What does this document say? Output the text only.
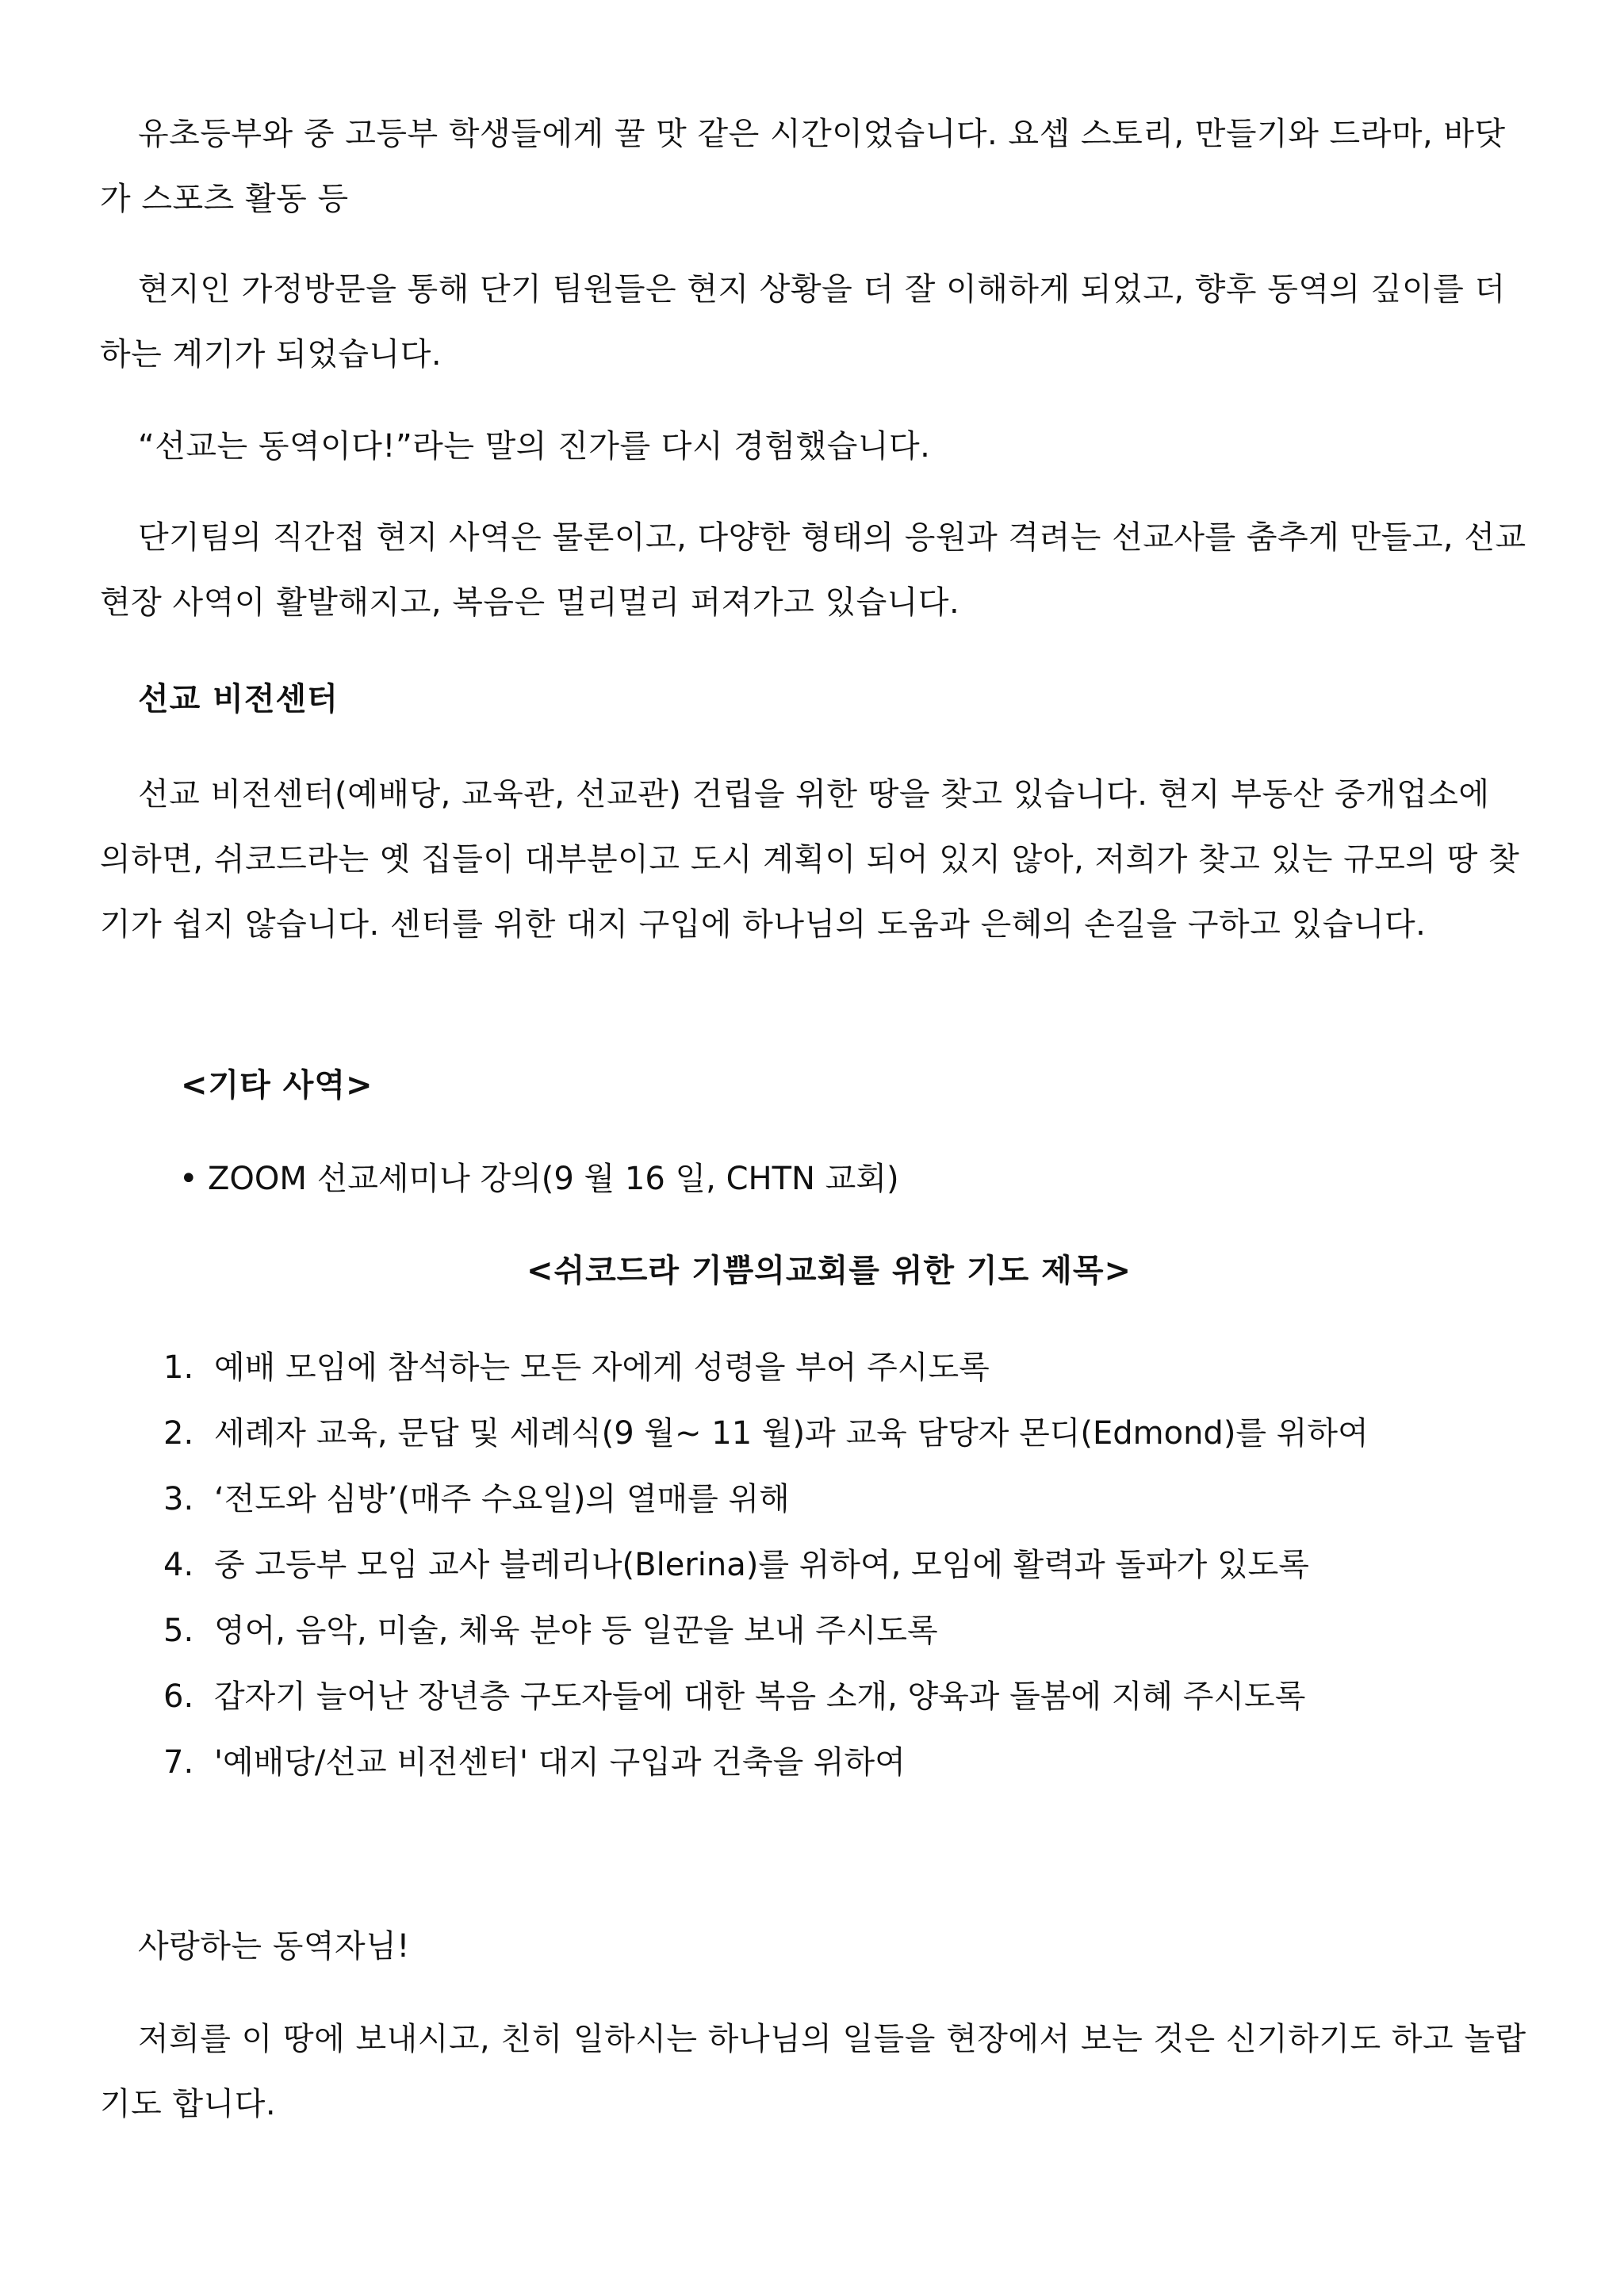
유초등부와 중 고등부 학생들에게 꿀 맛 같은 시간이었습니다. 요셉 스토리, 만들기와 드라마, 바닷가 스포츠 활동 등

현지인 가정방문을 통해 단기 팀원들은 현지 상황을 더 잘 이해하게 되었고, 향후 동역의 깊이를 더하는 계기가 되었습니다.

“선교는 동역이다!”라는 말의 진가를 다시 경험했습니다.

단기팀의 직간접 현지 사역은 물론이고, 다양한 형태의 응원과 격려는 선교사를 춤추게 만들고, 선교 현장 사역이 활발해지고, 복음은 멀리멀리 퍼져가고 있습니다.

선교 비전센터

선교 비전센터(예배당, 교육관, 선교관) 건립을 위한 땅을 찾고 있습니다. 현지 부동산 중개업소에 의하면, 쉬코드라는 옛 집들이 대부분이고 도시 계획이 되어 있지 않아, 저희가 찾고 있는 규모의 땅 찾기가 쉽지 않습니다. 센터를 위한 대지 구입에 하나님의 도움과 은혜의 손길을 구하고 있습니다.

<기타 사역>

• ZOOM 선교세미나 강의(9 월 16 일, CHTN 교회)

<쉬코드라 기쁨의교회를 위한 기도 제목>
1. 예배 모임에 참석하는 모든 자에게 성령을 부어 주시도록
2. 세례자 교육, 문답 및 세례식(9 월~ 11 월)과 교육 담당자 몬디(Edmond)를 위하여
3. ‘전도와 심방’(매주 수요일)의 열매를 위해
4. 중 고등부 모임 교사 블레리나(Blerina)를 위하여, 모임에 활력과 돌파가 있도록
5. 영어, 음악, 미술, 체육 분야 등 일꾼을 보내 주시도록
6. 갑자기 늘어난 장년층 구도자들에 대한 복음 소개, 양육과 돌봄에 지혜 주시도록
7. '예배당/선교 비전센터' 대지 구입과 건축을 위하여

사랑하는 동역자님!

저희를 이 땅에 보내시고, 친히 일하시는 하나님의 일들을 현장에서 보는 것은 신기하기도 하고 놀랍기도 합니다.
